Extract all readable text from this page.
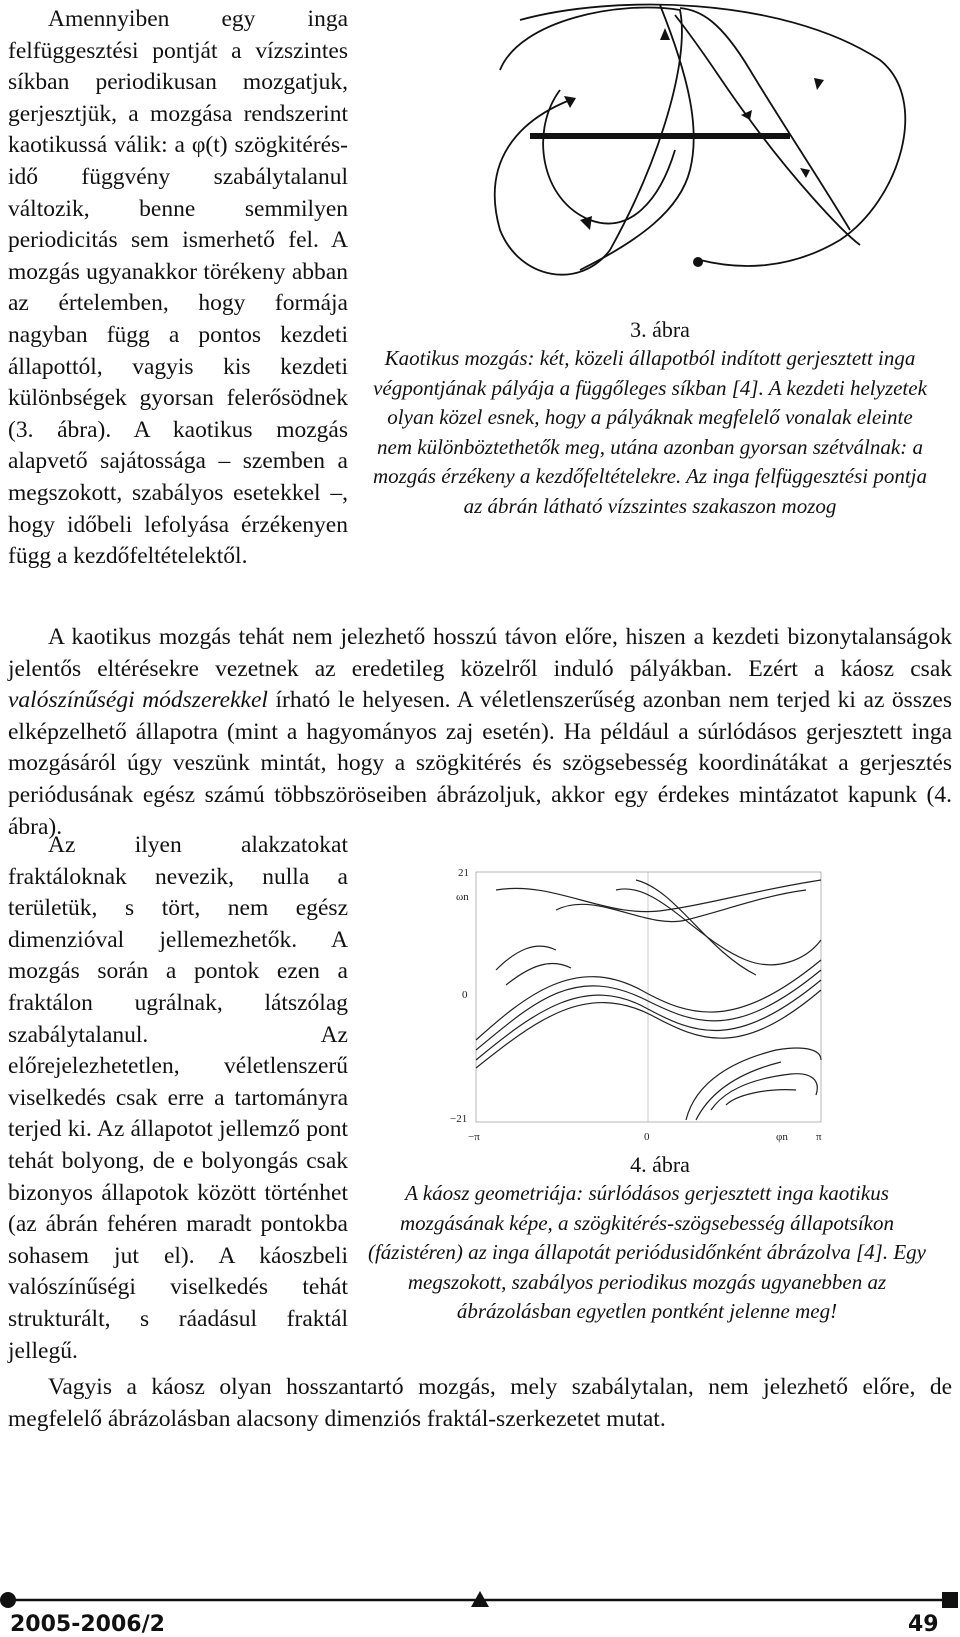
Amennyiben egy inga felfüggesztési pontját a vízszintes síkban periodikusan mozgatjuk, gerjesztjük, a mozgása rendszerint kaotikussá válik: a φ(t) szögkitérés-idő függvény szabálytalanul változik, benne semmilyen periodicitás sem ismerhető fel. A mozgás ugyanakkor törékeny abban az értelemben, hogy formája nagyban függ a pontos kezdeti állapottól, vagyis kis kezdeti különbségek gyorsan felerősödnek (3. ábra). A kaotikus mozgás alapvető sajátossága – szemben a megszokott, szabályos esetekkel –, hogy időbeli lefolyása érzékenyen függ a kezdőfeltételektől.
3. ábra
Kaotikus mozgás: két, közeli állapotból indított gerjesztett inga végpontjának pályája a függőleges síkban [4]. A kezdeti helyzetek olyan közel esnek, hogy a pályáknak megfelelő vonalak eleinte nem különböztethetők meg, utána azonban gyorsan szétválnak: a mozgás érzékeny a kezdőfeltételekre. Az inga felfüggesztési pontja az ábrán látható vízszintes szakaszon mozog
A kaotikus mozgás tehát nem jelezhető hosszú távon előre, hiszen a kezdeti bizonytalanságok jelentős eltérésekre vezetnek az eredetileg közelről induló pályákban. Ezért a káosz csak valószínűségi módszerekkel írható le helyesen. A véletlenszerűség azonban nem terjed ki az összes elképzelhető állapotra (mint a hagyományos zaj esetén). Ha például a súrlódásos gerjesztett inga mozgásáról úgy veszünk mintát, hogy a szögkitérés és szögsebesség koordinátákat a gerjesztés periódusának egész számú többszöröseiben ábrázoljuk, akkor egy érdekes mintázatot kapunk (4. ábra).
Az ilyen alakzatokat fraktáloknak nevezik, nulla a területük, s tört, nem egész dimenzióval jellemezhetők. A mozgás során a pontok ezen a fraktálon ugrálnak, látszólag szabálytalanul. Az előrejelezhetetlen, véletlenszerű viselkedés csak erre a tartományra terjed ki. Az állapotot jellemző pont tehát bolyong, de e bolyongás csak bizonyos állapotok között történhet (az ábrán fehéren maradt pontokba sohasem jut el). A káoszbeli valószínűségi viselkedés tehát strukturált, s ráadásul fraktál jellegű.
21
ωn
0
−21
−π	0	φn	π
4. ábra
A káosz geometriája: súrlódásos gerjesztett inga kaotikus mozgásának képe, a szögkitérés-szögsebesség állapotsíkon (fázistéren) az inga állapotát periódusidőnként ábrázolva [4]. Egy megszokott, szabályos periodikus mozgás ugyanebben az ábrázolásban egyetlen pontként jelenne meg!
Vagyis a káosz olyan hosszantartó mozgás, mely szabálytalan, nem jelezhető előre, de megfelelő ábrázolásban alacsony dimenziós fraktál-szerkezetet mutat.
2005-2006/2	49
